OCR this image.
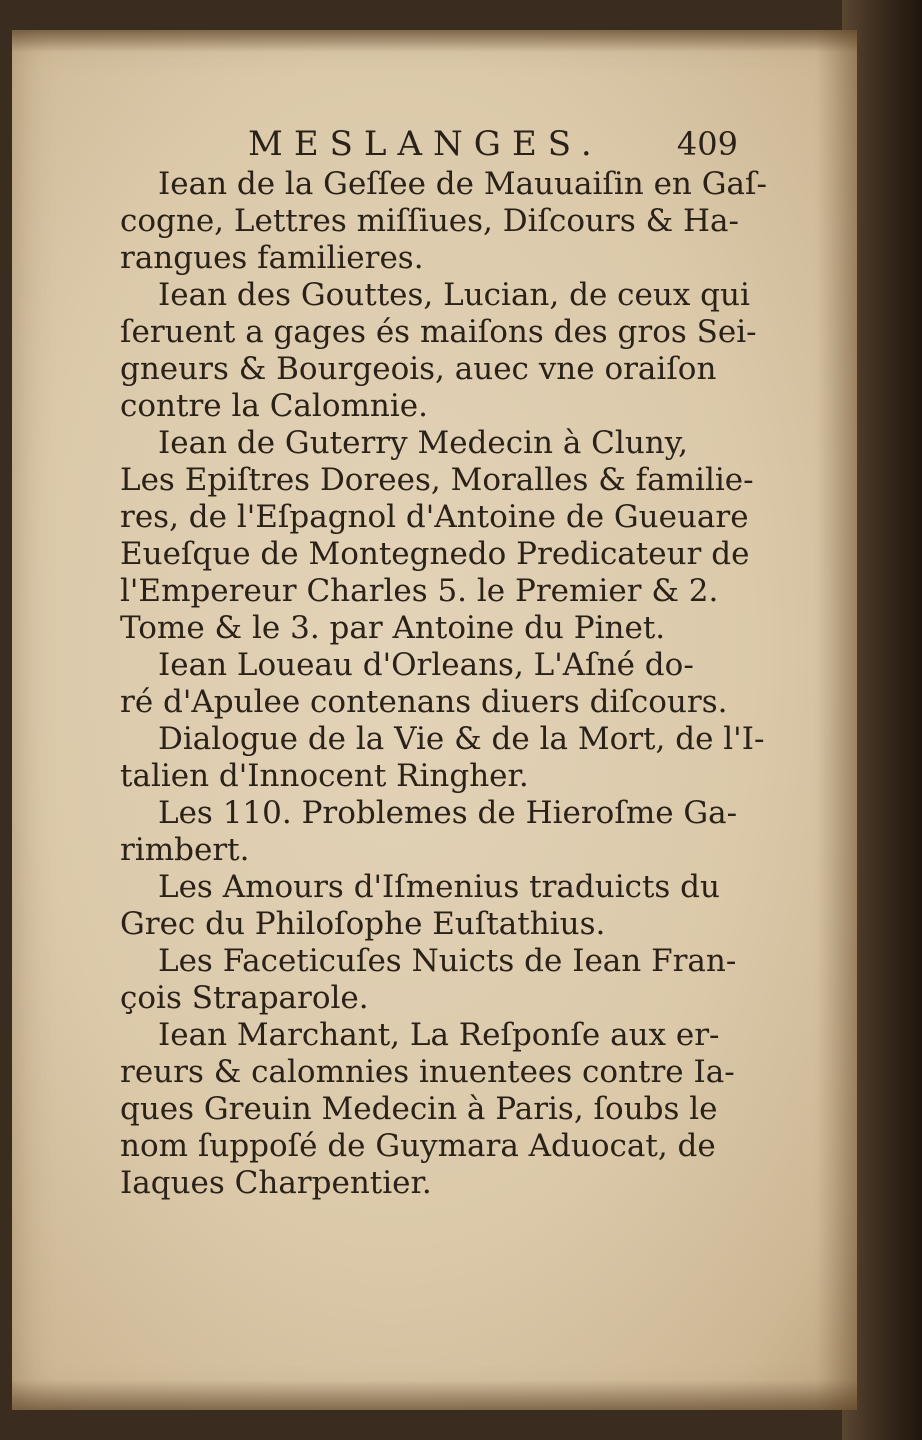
MESLANGES. 409
Iean de la Geſſee de Mauuaiſin en Gaſ-
cogne, Lettres miſſiues, Diſcours & Ha-
rangues familieres.
Iean des Gouttes, Lucian, de ceux qui
ſeruent a gages és maiſons des gros Sei-
gneurs & Bourgeois, auec vne oraiſon
contre la Calomnie.
Iean de Guterry Medecin à Cluny,
Les Epiſtres Dorees, Moralles & familie-
res, de l'Eſpagnol d'Antoine de Gueuare
Eueſque de Montegnedo Predicateur de
l'Empereur Charles 5. le Premier & 2.
Tome & le 3. par Antoine du Pinet.
Iean Loueau d'Orleans, L'Aſné do-
ré d'Apulee contenans diuers diſcours.
Dialogue de la Vie & de la Mort, de l'I-
talien d'Innocent Ringher.
Les 110. Problemes de Hieroſme Ga-
rimbert.
Les Amours d'Iſmenius traduicts du
Grec du Philoſophe Euſtathius.
Les Faceticuſes Nuicts de Iean Fran-
çois Straparole.
Iean Marchant, La Reſponſe aux er-
reurs & calomnies inuentees contre Ia-
ques Greuin Medecin à Paris, ſoubs le
nom ſuppoſé de Guymara Aduocat, de
Iaques Charpentier.
